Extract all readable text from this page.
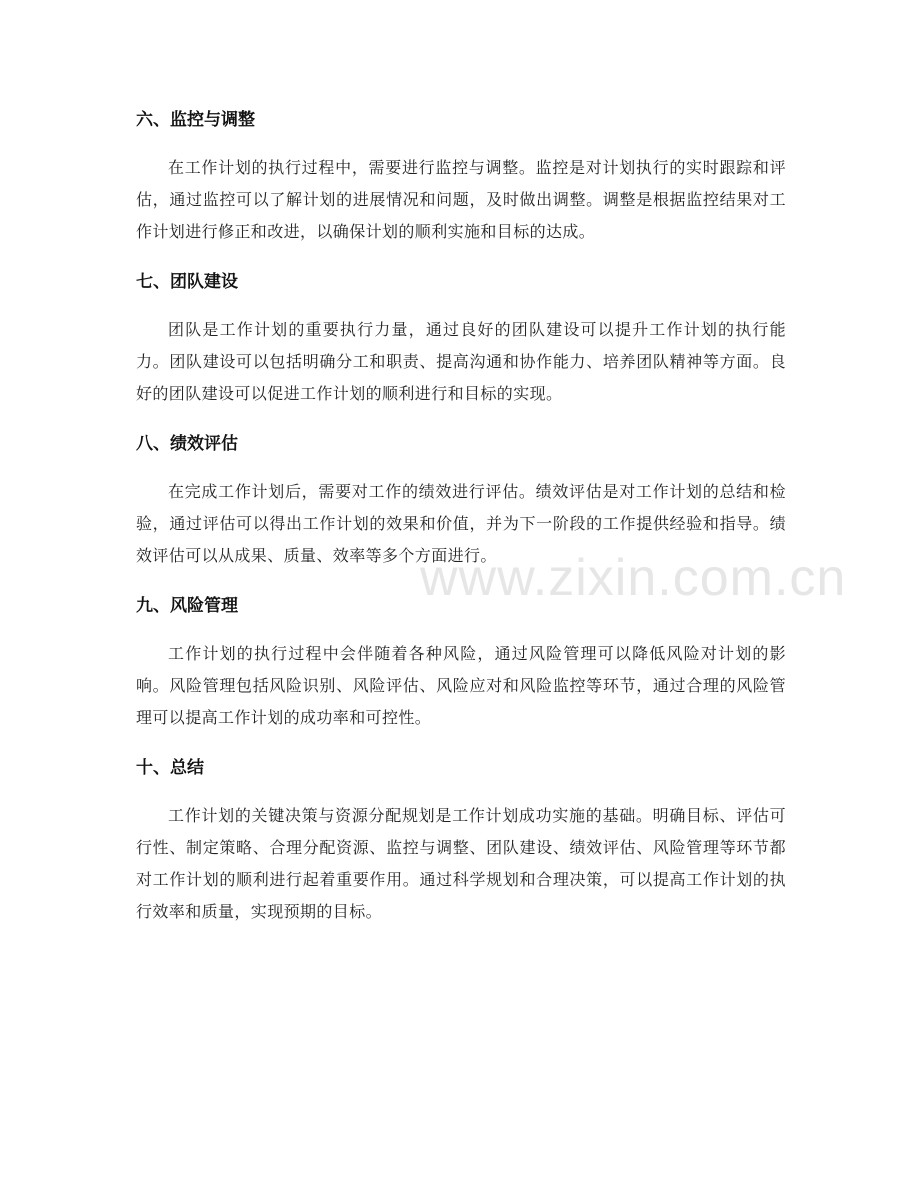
www.zixin.com.cn
六、监控与调整

在工作计划的执行过程中，需要进行监控与调整。监控是对计划执行的实时跟踪和评估，通过监控可以了解计划的进展情况和问题，及时做出调整。调整是根据监控结果对工作计划进行修正和改进，以确保计划的顺利实施和目标的达成。

七、团队建设

团队是工作计划的重要执行力量，通过良好的团队建设可以提升工作计划的执行能力。团队建设可以包括明确分工和职责、提高沟通和协作能力、培养团队精神等方面。良好的团队建设可以促进工作计划的顺利进行和目标的实现。

八、绩效评估

在完成工作计划后，需要对工作的绩效进行评估。绩效评估是对工作计划的总结和检验，通过评估可以得出工作计划的效果和价值，并为下一阶段的工作提供经验和指导。绩效评估可以从成果、质量、效率等多个方面进行。

九、风险管理

工作计划的执行过程中会伴随着各种风险，通过风险管理可以降低风险对计划的影响。风险管理包括风险识别、风险评估、风险应对和风险监控等环节，通过合理的风险管理可以提高工作计划的成功率和可控性。

十、总结

工作计划的关键决策与资源分配规划是工作计划成功实施的基础。明确目标、评估可行性、制定策略、合理分配资源、监控与调整、团队建设、绩效评估、风险管理等环节都对工作计划的顺利进行起着重要作用。通过科学规划和合理决策，可以提高工作计划的执行效率和质量，实现预期的目标。
